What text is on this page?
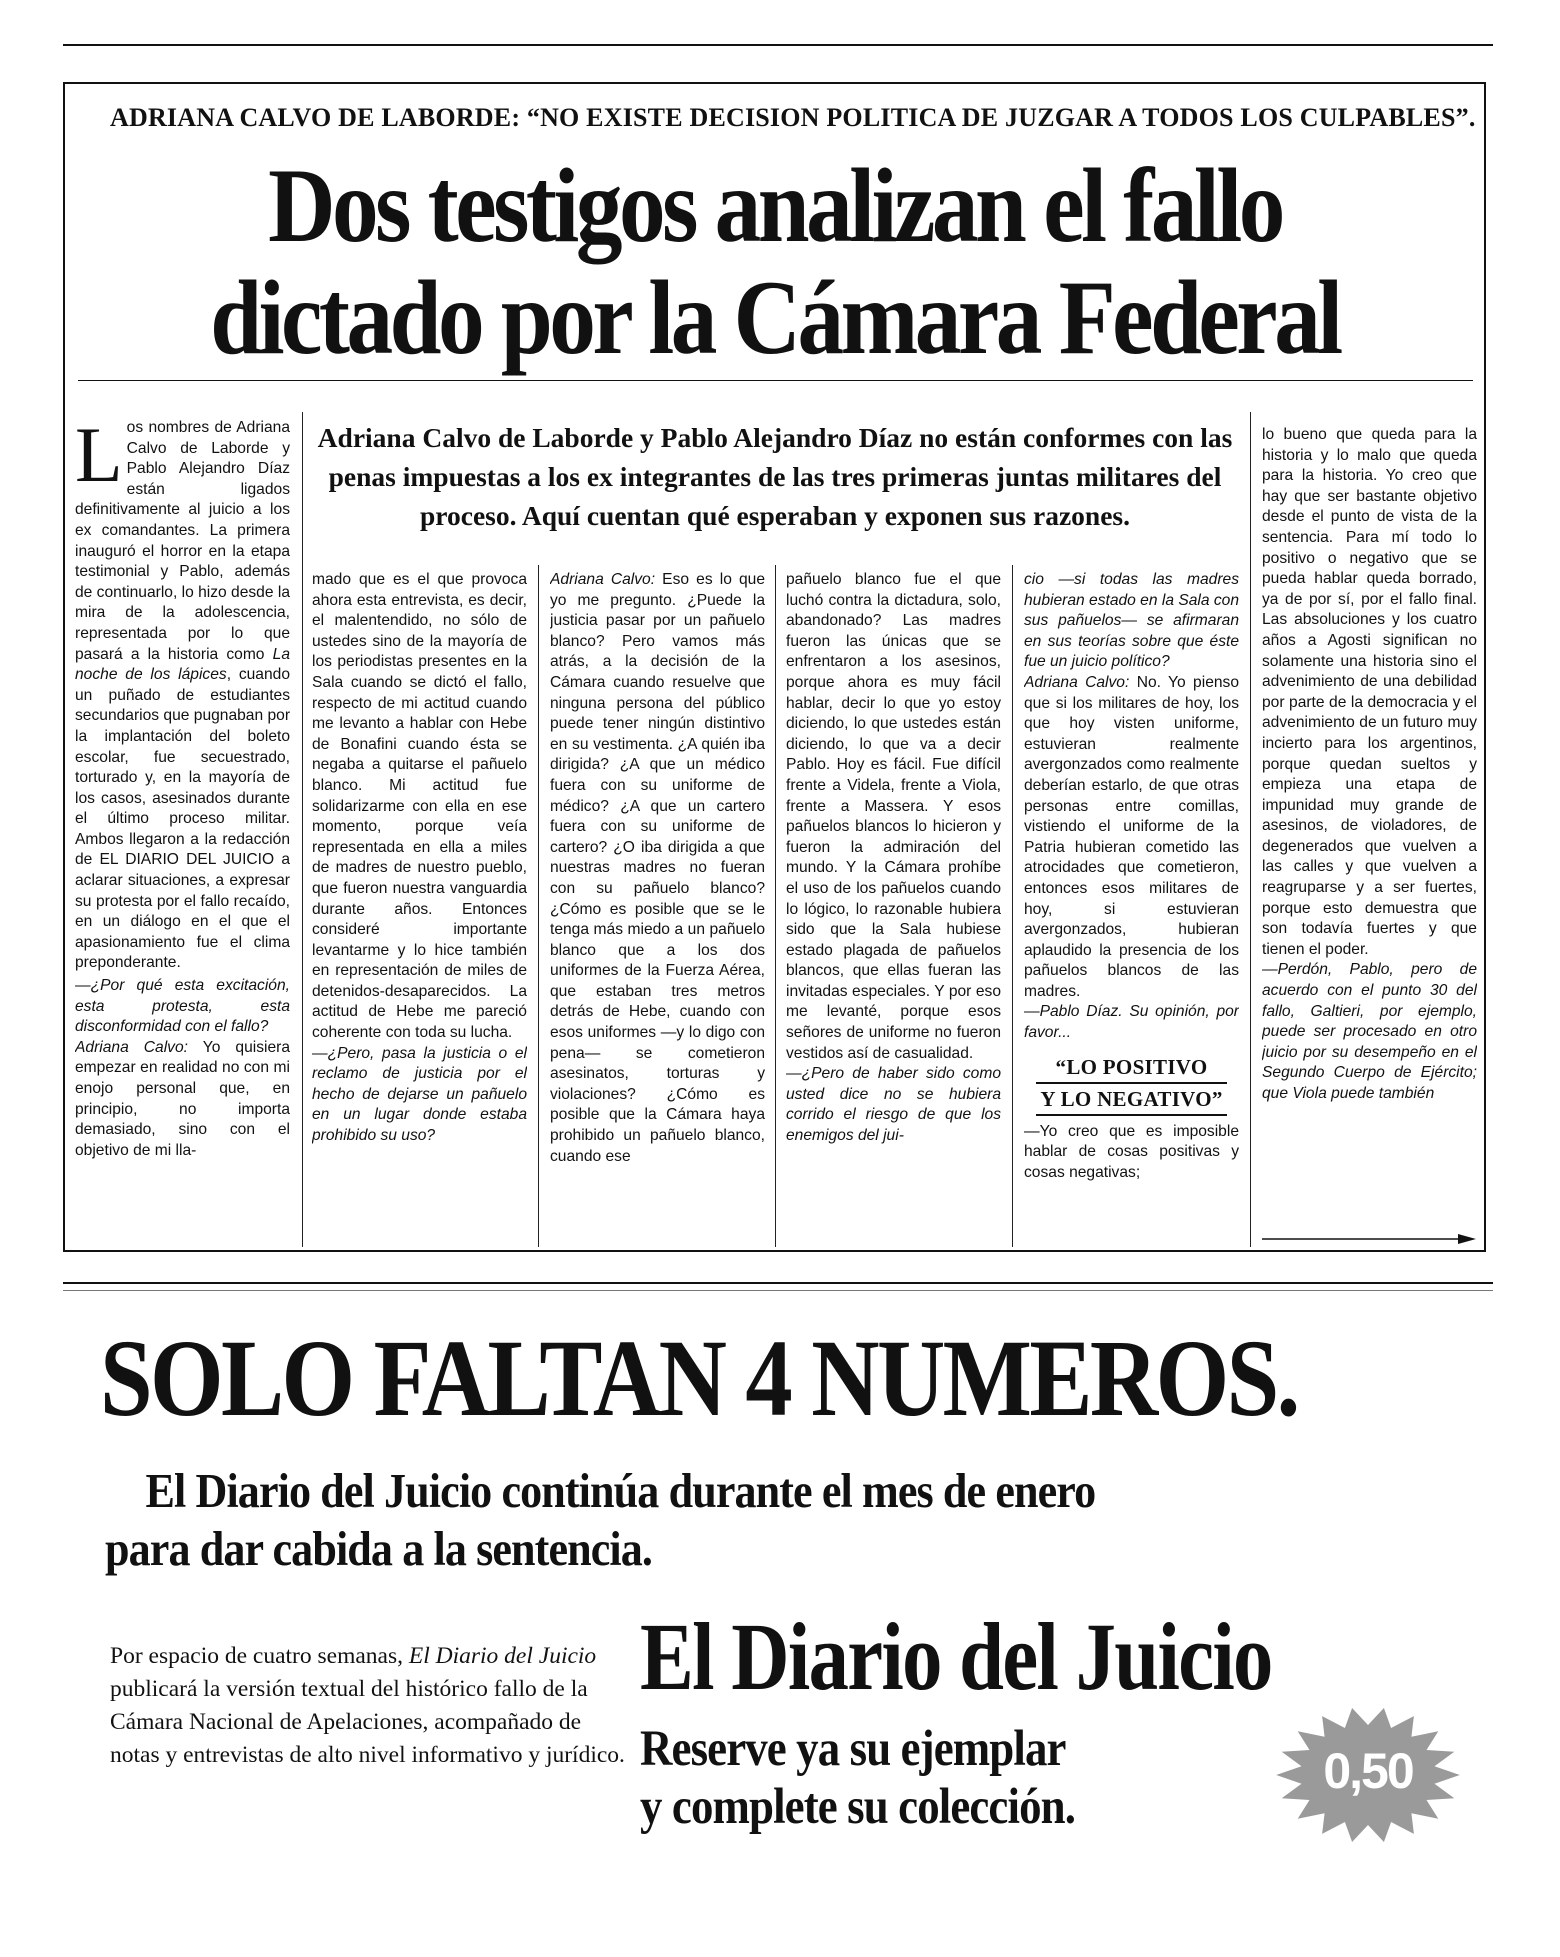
ADRIANA CALVO DE LABORDE: “NO EXISTE DECISION POLITICA DE JUZGAR A TODOS LOS CULPABLES”.
Dos testigos analizan el fallo
dictado por la Cámara Federal

Los nombres de Adriana Calvo de Laborde y Pablo Alejandro Díaz están ligados definitivamente al juicio a los ex comandantes. La primera inauguró el horror en la etapa testimonial y Pablo, además de continuarlo, lo hizo desde la mira de la adolescencia, representada por lo que pasará a la historia como La noche de los lápices, cuando un puñado de estudiantes secundarios que pugnaban por la implantación del boleto escolar, fue secuestrado, torturado y, en la mayoría de los casos, asesinados durante el último proceso militar. Ambos llegaron a la redacción de EL DIARIO DEL JUICIO a aclarar situaciones, a expresar su protesta por el fallo recaído, en un diálogo en el que el apasionamiento fue el clima preponderante.

—¿Por qué esta excitación, esta protesta, esta disconformidad con el fallo?

Adriana Calvo: Yo quisiera empezar en realidad no con mi enojo personal que, en principio, no importa demasiado, sino con el objetivo de mi lla-

Adriana Calvo de Laborde y Pablo Alejandro Díaz no están conformes con las penas impuestas a los ex integrantes de las tres primeras juntas militares del proceso. Aquí cuentan qué esperaban y exponen sus razones.

mado que es el que provoca ahora esta entrevista, es decir, el malentendido, no sólo de ustedes sino de la mayoría de los periodistas presentes en la Sala cuando se dictó el fallo, respecto de mi actitud cuando me levanto a hablar con Hebe de Bonafini cuando ésta se negaba a quitarse el pañuelo blanco. Mi actitud fue solidarizarme con ella en ese momento, porque veía representada en ella a miles de madres de nuestro pueblo, que fueron nuestra vanguardia durante años. Entonces consideré importante levantarme y lo hice también en representación de miles de detenidos-desaparecidos. La actitud de Hebe me pareció coherente con toda su lucha.

—¿Pero, pasa la justicia o el reclamo de justicia por el hecho de dejarse un pañuelo en un lugar donde estaba prohibido su uso?

Adriana Calvo: Eso es lo que yo me pregunto. ¿Puede la justicia pasar por un pañuelo blanco? Pero vamos más atrás, a la decisión de la Cámara cuando resuelve que ninguna persona del público puede tener ningún distintivo en su vestimenta. ¿A quién iba dirigida? ¿A que un médico fuera con su uniforme de médico? ¿A que un cartero fuera con su uniforme de cartero? ¿O iba dirigida a que nuestras madres no fueran con su pañuelo blanco? ¿Cómo es posible que se le tenga más miedo a un pañuelo blanco que a los dos uniformes de la Fuerza Aérea, que estaban tres metros detrás de Hebe, cuando con esos uniformes —y lo digo con pena— se cometieron asesinatos, torturas y violaciones? ¿Cómo es posible que la Cámara haya prohibido un pañuelo blanco, cuando ese

pañuelo blanco fue el que luchó contra la dictadura, solo, abandonado? Las madres fueron las únicas que se enfrentaron a los asesinos, porque ahora es muy fácil hablar, decir lo que yo estoy diciendo, lo que ustedes están diciendo, lo que va a decir Pablo. Hoy es fácil. Fue difícil frente a Videla, frente a Viola, frente a Massera. Y esos pañuelos blancos lo hicieron y fueron la admiración del mundo. Y la Cámara prohíbe el uso de los pañuelos cuando lo lógico, lo razonable hubiera sido que la Sala hubiese estado plagada de pañuelos blancos, que ellas fueran las invitadas especiales. Y por eso me levanté, porque esos señores de uniforme no fueron vestidos así de casualidad.

—¿Pero de haber sido como usted dice no se hubiera corrido el riesgo de que los enemigos del jui-

cio —si todas las madres hubieran estado en la Sala con sus pañuelos— se afirmaran en sus teorías sobre que éste fue un juicio político?

Adriana Calvo: No. Yo pienso que si los militares de hoy, los que hoy visten uniforme, estuvieran realmente avergonzados como realmente deberían estarlo, de que otras personas entre comillas, vistiendo el uniforme de la Patria hubieran cometido las atrocidades que cometieron, entonces esos militares de hoy, si estuvieran avergonzados, hubieran aplaudido la presencia de los pañuelos blancos de las madres.

—Pablo Díaz. Su opinión, por favor...

“LO POSITIVO
Y LO NEGATIVO”

—Yo creo que es imposible hablar de cosas positivas y cosas negativas;

lo bueno que queda para la historia y lo malo que queda para la historia. Yo creo que hay que ser bastante objetivo desde el punto de vista de la sentencia. Para mí todo lo positivo o negativo que se pueda hablar queda borrado, ya de por sí, por el fallo final. Las absoluciones y los cuatro años a Agosti significan no solamente una historia sino el advenimiento de una debilidad por parte de la democracia y el advenimiento de un futuro muy incierto para los argentinos, porque quedan sueltos y empieza una etapa de impunidad muy grande de asesinos, de violadores, de degenerados que vuelven a las calles y que vuelven a reagruparse y a ser fuertes, porque esto demuestra que son todavía fuertes y que tienen el poder.

—Perdón, Pablo, pero de acuerdo con el punto 30 del fallo, Galtieri, por ejemplo, puede ser procesado en otro juicio por su desempeño en el Segundo Cuerpo de Ejército; que Viola puede también

SOLO FALTAN 4 NUMEROS.
El Diario del Juicio continúa durante el mes de enero
para dar cabida a la sentencia.

Por espacio de cuatro semanas, El Diario del Juicio publicará la versión textual del histórico fallo de la Cámara Nacional de Apelaciones, acompañado de notas y entrevistas de alto nivel informativo y jurídico.

El Diario del Juicio
Reserve ya su ejemplar
y complete su colección.
0,50
